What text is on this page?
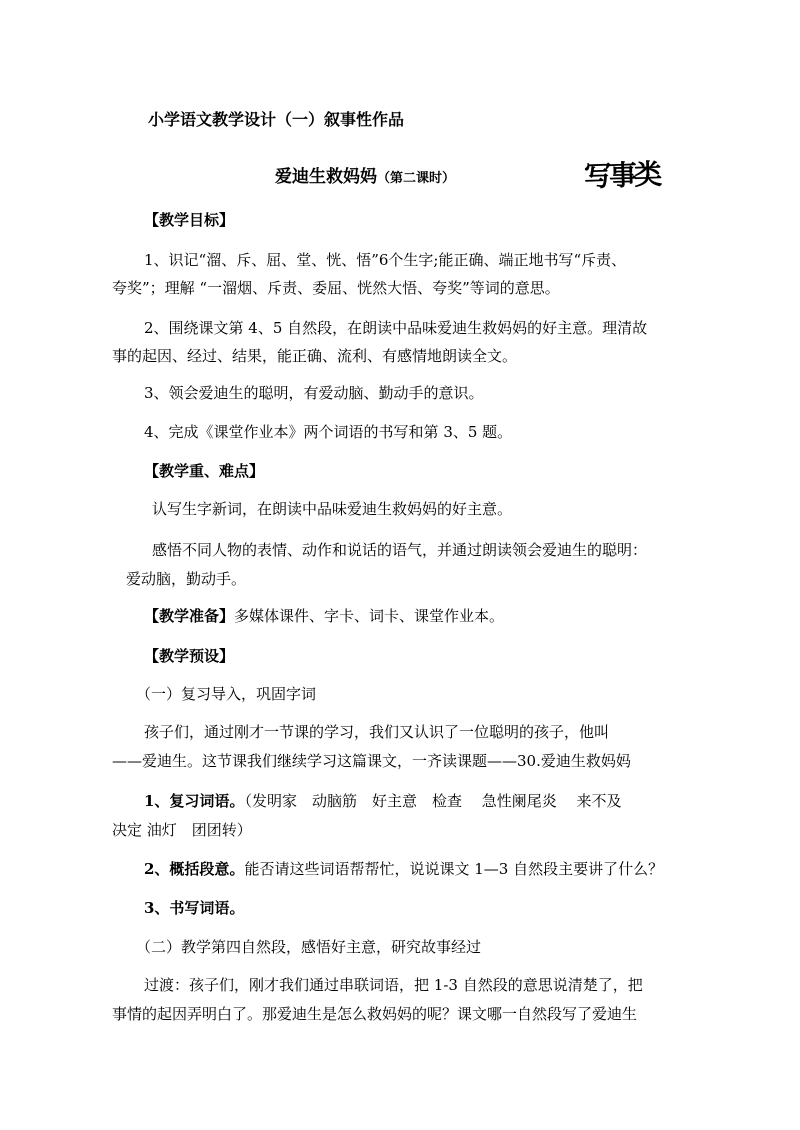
小学语文教学设计（一）叙事性作品
爱迪生救妈妈（第二课时）	写事类
【教学目标】
1、识记“溜、斥、屈、堂、恍、悟”6个生字;能正确、端正地书写“斥责、
夸奖”；理解 “一溜烟、斥责、委屈、恍然大悟、夸奖”等词的意思。
2、围绕课文第 4、5 自然段，在朗读中品味爱迪生救妈妈的好主意。理清故
事的起因、经过、结果，能正确、流利、有感情地朗读全文。
3、领会爱迪生的聪明，有爱动脑、勤动手的意识。
4、完成《课堂作业本》两个词语的书写和第 3、5 题。
【教学重、难点】
认写生字新词，在朗读中品味爱迪生救妈妈的好主意。
感悟不同人物的表情、动作和说话的语气，并通过朗读领会爱迪生的聪明：
爱动脑，勤动手。
【教学准备】多媒体课件、字卡、词卡、课堂作业本。
【教学预设】
（一）复习导入，巩固字词
孩子们，通过刚才一节课的学习，我们又认识了一位聪明的孩子，他叫
——爱迪生。这节课我们继续学习这篇课文，一齐读课题——30.爱迪生救妈妈
1、复习词语。（发明家　动脑筋　好主意　检查　 急性阑尾炎 　来不及
决定 油灯　团团转）
2、概括段意。能否请这些词语帮帮忙，说说课文 1—3 自然段主要讲了什么？
3、书写词语。
（二）教学第四自然段，感悟好主意，研究故事经过
过渡：孩子们，刚才我们通过串联词语，把 1-3 自然段的意思说清楚了，把
事情的起因弄明白了。那爱迪生是怎么救妈妈的呢？课文哪一自然段写了爱迪生
